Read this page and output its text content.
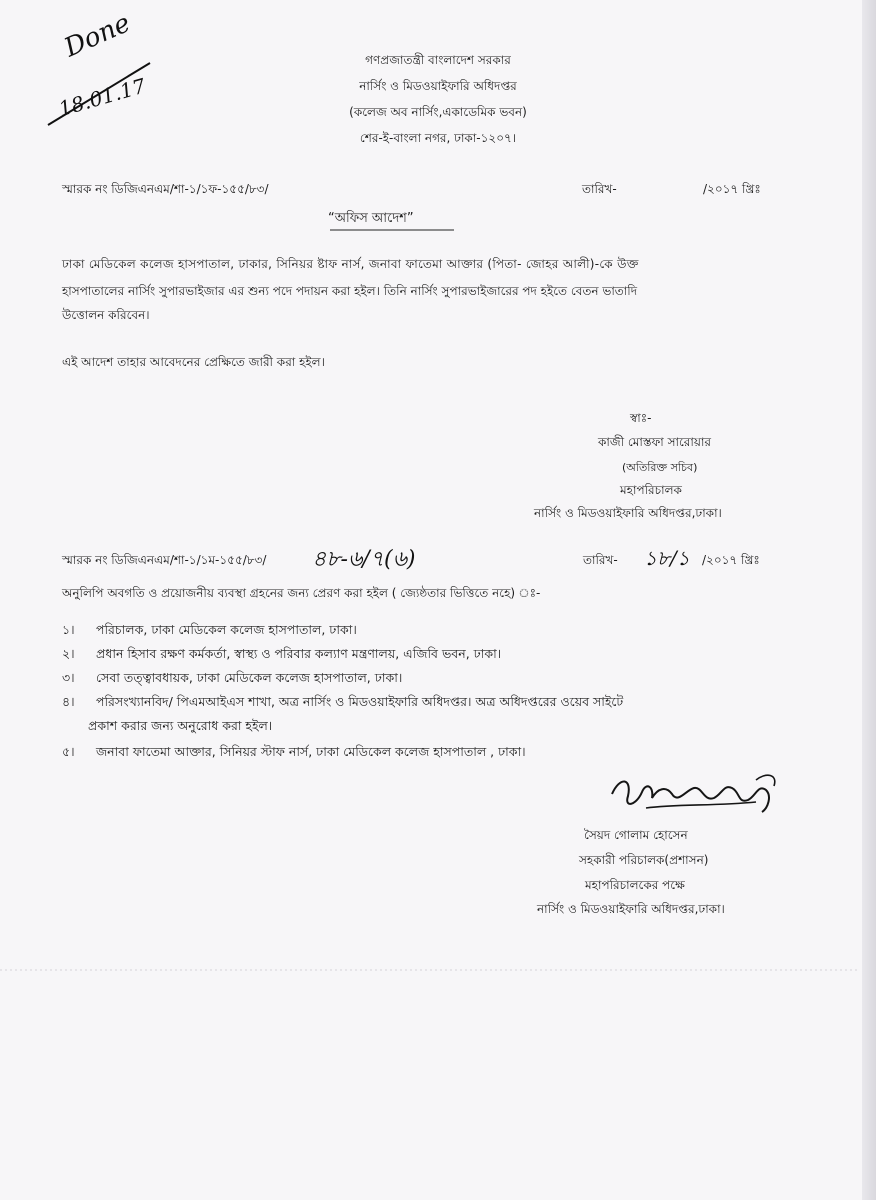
Done
18.01.17
গণপ্রজাতন্ত্রী বাংলাদেশ সরকার
নার্সিং ও মিডওয়াইফারি অধিদপ্তর
(কলেজ অব নার্সিং,একাডেমিক ভবন)
শের-ই-বাংলা নগর, ঢাকা-১২০৭।
স্মারক নং ডিজিএনএম/শা-১/১ফ-১৫৫/৮৩/	তারিখ-	/২০১৭ খ্রিঃ
“অফিস আদেশ”
ঢাকা মেডিকেল কলেজ হাসপাতাল, ঢাকার, সিনিয়র ষ্টাফ নার্স, জনাবা ফাতেমা আক্তার (পিতা- জোহর আলী)-কে উক্ত
হাসপাতালের নার্সিং সুপারভাইজার এর শুন্য পদে পদায়ন করা হইল। তিনি নার্সিং সুপারভাইজারের পদ হইতে বেতন ভাতাদি
উত্তোলন করিবেন।
এই আদেশ তাহার আবেদনের প্রেক্ষিতে জারী করা হইল।
স্বাঃ-
কাজী মোস্তফা সারোয়ার
(অতিরিক্ত সচিব)
মহাপরিচালক
নার্সিং ও মিডওয়াইফারি অধিদপ্তর,ঢাকা।
স্মারক নং ডিজিএনএম/শা-১/১ম-১৫৫/৮৩/ ৪৮-৬/৭(৬)	তারিখ- ১৮/১ /২০১৭ খ্রিঃ
অনুলিপি অবগতি ও প্রয়োজনীয় ব্যবস্থা গ্রহনের জন্য প্রেরণ করা হইল ( জ্যেষ্ঠতার ভিত্তিতে নহে) ঃ-
১। পরিচালক, ঢাকা মেডিকেল কলেজ হাসপাতাল, ঢাকা।
২। প্রধান হিসাব রক্ষণ কর্মকর্তা, স্বাস্থ্য ও পরিবার কল্যাণ মন্ত্রণালয়, এজিবি ভবন, ঢাকা।
৩। সেবা তত্ত্বাবধায়ক, ঢাকা মেডিকেল কলেজ হাসপাতাল, ঢাকা।
৪। পরিসংখ্যানবিদ/ পিএমআইএস শাখা, অত্র নার্সিং ও মিডওয়াইফারি অধিদপ্তর। অত্র অধিদপ্তরের ওয়েব সাইটে
প্রকাশ করার জন্য অনুরোধ করা হইল।
৫। জনাবা ফাতেমা আক্তার, সিনিয়র স্টাফ নার্স, ঢাকা মেডিকেল কলেজ হাসপাতাল , ঢাকা।
সৈয়দ গোলাম হোসেন
সহকারী পরিচালক(প্রশাসন)
মহাপরিচালকের পক্ষে
নার্সিং ও মিডওয়াইফারি অধিদপ্তর,ঢাকা।
